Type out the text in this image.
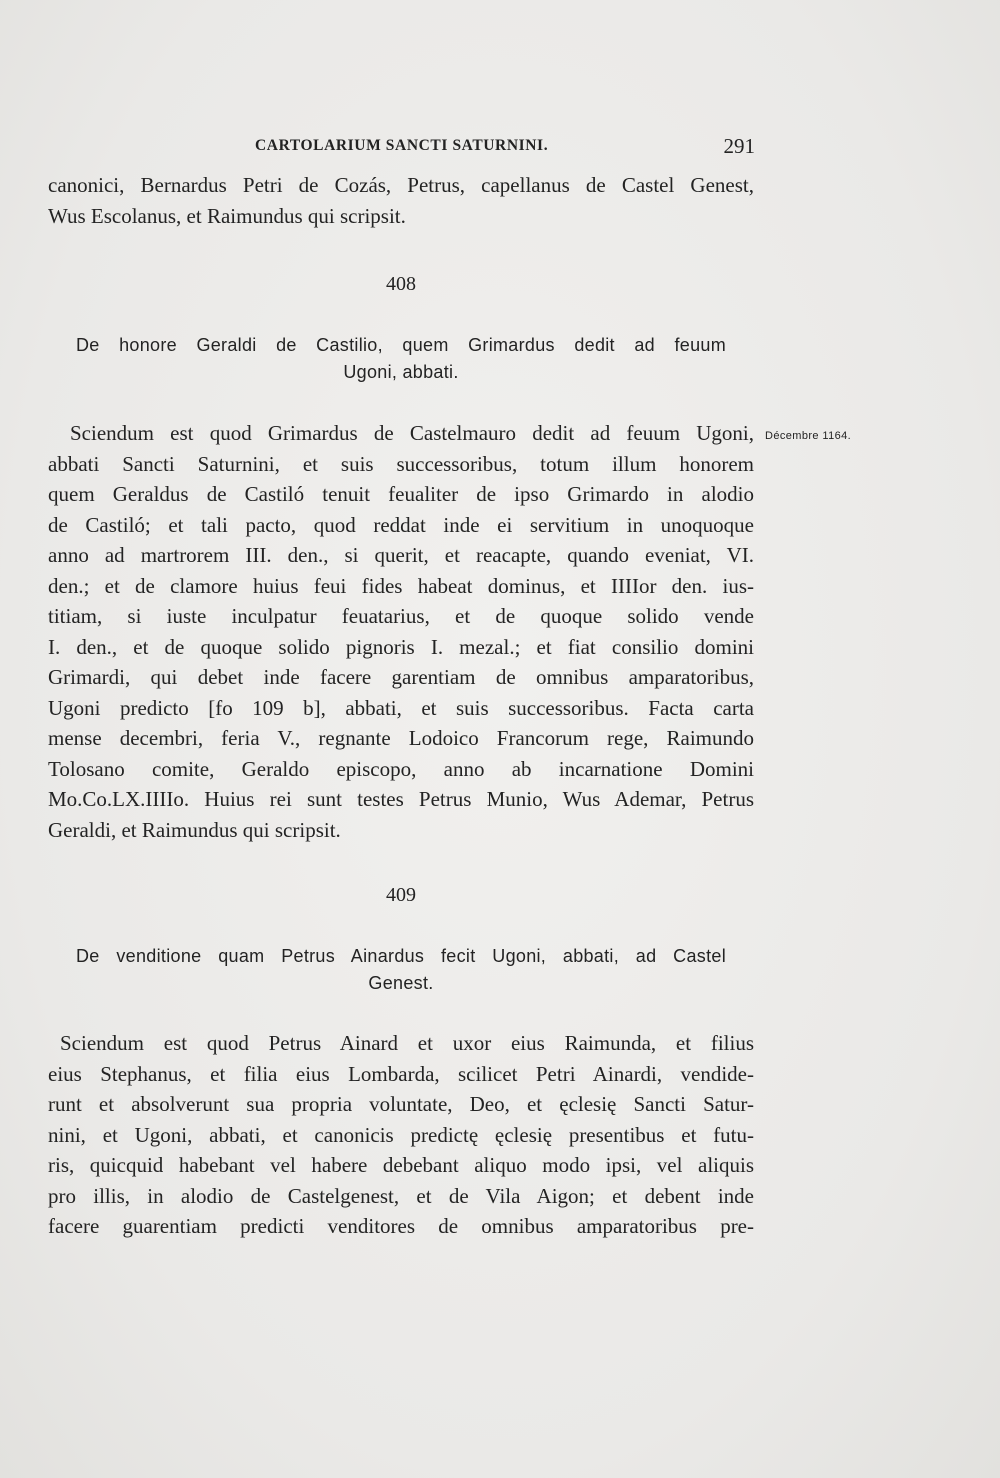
CARTOLARIUM SANCTI SATURNINI.	291
canonici, Bernardus Petri de Cozás, Petrus, capellanus de Castel Genest,
Wus Escolanus, et Raimundus qui scripsit.
408
De honore Geraldi de Castilio, quem Grimardus dedit ad feuum
Ugoni, abbati.
Décembre 1164.
Sciendum est quod Grimardus de Castelmauro dedit ad feuum Ugoni,
abbati Sancti Saturnini, et suis successoribus, totum illum honorem
quem Geraldus de Castiló tenuit feualiter de ipso Grimardo in alodio
de Castiló; et tali pacto, quod reddat inde ei servitium in unoquoque
anno ad martrorem III. den., si querit, et reacapte, quando eveniat, VI.
den.; et de clamore huius feui fides habeat dominus, et IIIIor den. ius-
titiam, si iuste inculpatur feuatarius, et de quoque solido vende
I. den., et de quoque solido pignoris I. mezal.; et fiat consilio domini
Grimardi, qui debet inde facere garentiam de omnibus amparatoribus,
Ugoni predicto [fo 109 b], abbati, et suis successoribus. Facta carta
mense decembri, feria V., regnante Lodoico Francorum rege, Raimundo
Tolosano comite, Geraldo episcopo, anno ab incarnatione Domini
Mo.Co.LX.IIIIo. Huius rei sunt testes Petrus Munio, Wus Ademar, Petrus
Geraldi, et Raimundus qui scripsit.
409
De venditione quam Petrus Ainardus fecit Ugoni, abbati, ad Castel
Genest.
Sciendum est quod Petrus Ainard et uxor eius Raimunda, et filius
eius Stephanus, et filia eius Lombarda, scilicet Petri Ainardi, vendide-
runt et absolverunt sua propria voluntate, Deo, et ęclesię Sancti Satur-
nini, et Ugoni, abbati, et canonicis predictę ęclesię presentibus et futu-
ris, quicquid habebant vel habere debebant aliquo modo ipsi, vel aliquis
pro illis, in alodio de Castelgenest, et de Vila Aigon; et debent inde
facere guarentiam predicti venditores de omnibus amparatoribus pre-
